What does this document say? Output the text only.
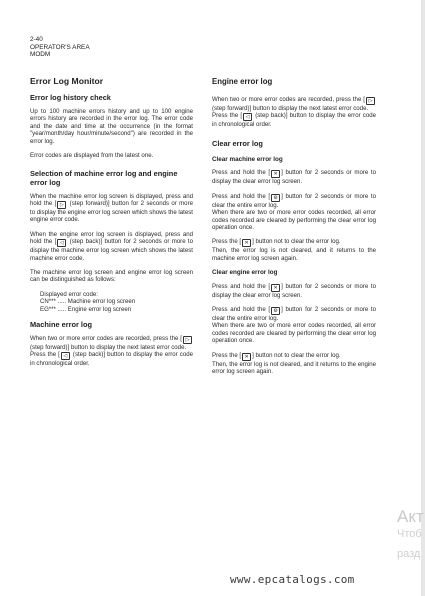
2-40
OPERATOR'S AREA
MODM
Error Log Monitor
Error log history check
Up to 100 machine errors history and up to 100 engine errors history are recorded in the error log. The error code and the date and time at the occurrence (in the format "year/month/day hour/minute/second") are recorded in the error log.
Error codes are displayed from the latest one.
Selection of machine error log and engine error log
When the machine error log screen is displayed, press and hold the [ ▷ (step forward)] button for 2 seconds or more to display the engine error log screen which shows the latest engine error code.
When the engine error log screen is displayed, press and hold the [ ◁ (step back)] button for 2 seconds or more to display the machine error log screen which shows the latest machine error code.
The machine error log screen and engine error log screen can be distinguished as follows:
Displayed error code:
CN*** ..... Machine error log screen
EG*** ..... Engine error log screen
Machine error log
When two or more error codes are recorded, press the [ ▷ (step forward)] button to display the next latest error code.
Press the [ ◁ (step back)] button to display the error code in chronological order.
Engine error log
When two or more error codes are recorded, press the [ ▷ (step forward)] button to display the next latest error code.
Press the [ ◁ (step back)] button to display the error code in chronological order.
Clear error log
Clear machine error log
Press and hold the [ ✕ ] button for 2 seconds or more to display the clear error log screen.
Press and hold the [ ⚙ ] button for 2 seconds or more to clear the entire error log.
When there are two or more error codes recorded, all error codes recorded are cleared by performing the clear error log operation once.
Press the [ ✕ ] button not to clear the error log.
Then, the error log is not cleared, and it returns to the machine error log screen again.
Clear engine error log
Press and hold the [ ✕ ] button for 2 seconds or more to display the clear error log screen.
Press and hold the [ ⚙ ] button for 2 seconds or more to clear the entire error log.
When there are two or more error codes recorded, all error codes recorded are cleared by performing the clear error log operation once.
Press the [ ✕ ] button not to clear the error log.
Then, the error log is not cleared, and it returns to the engine error log screen again.
Акт
Чтоб
разд
www.epcatalogs.com
